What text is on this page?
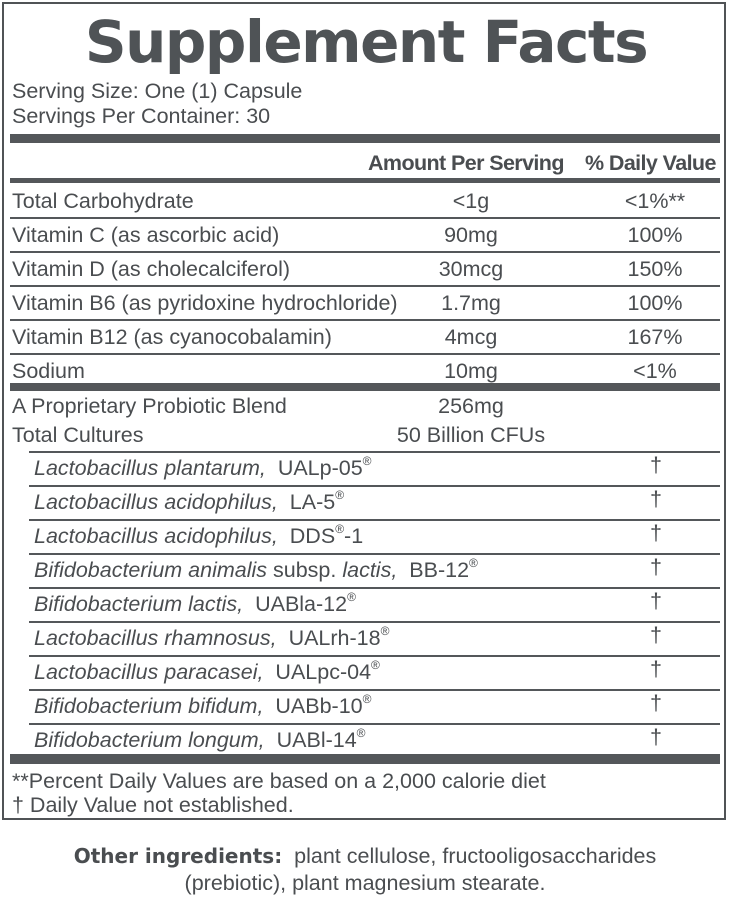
Supplement Facts
Serving Size: One (1) Capsule
Servings Per Container: 30
Amount Per Serving % Daily Value
Total Carbohydrate	<1g	<1%**
Vitamin C (as ascorbic acid)	90mg	100%
Vitamin D (as cholecalciferol)	30mcg	150%
Vitamin B6 (as pyridoxine hydrochloride)	1.7mg	100%
Vitamin B12 (as cyanocobalamin)	4mcg	167%
Sodium	10mg	<1%
A Proprietary Probiotic Blend	256mg
Total Cultures	50 Billion CFUs
Lactobacillus plantarum, UALp-05®	†
Lactobacillus acidophilus, LA-5®	†
Lactobacillus acidophilus, DDS®-1	†
Bifidobacterium animalis subsp. lactis, BB-12®	†
Bifidobacterium lactis, UABla-12®	†
Lactobacillus rhamnosus, UALrh-18®	†
Lactobacillus paracasei, UALpc-04®	†
Bifidobacterium bifidum, UABb-10®	†
Bifidobacterium longum, UABl-14®	†
**Percent Daily Values are based on a 2,000 calorie diet
† Daily Value not established.
Other ingredients: plant cellulose, fructooligosaccharides
(prebiotic), plant magnesium stearate.
